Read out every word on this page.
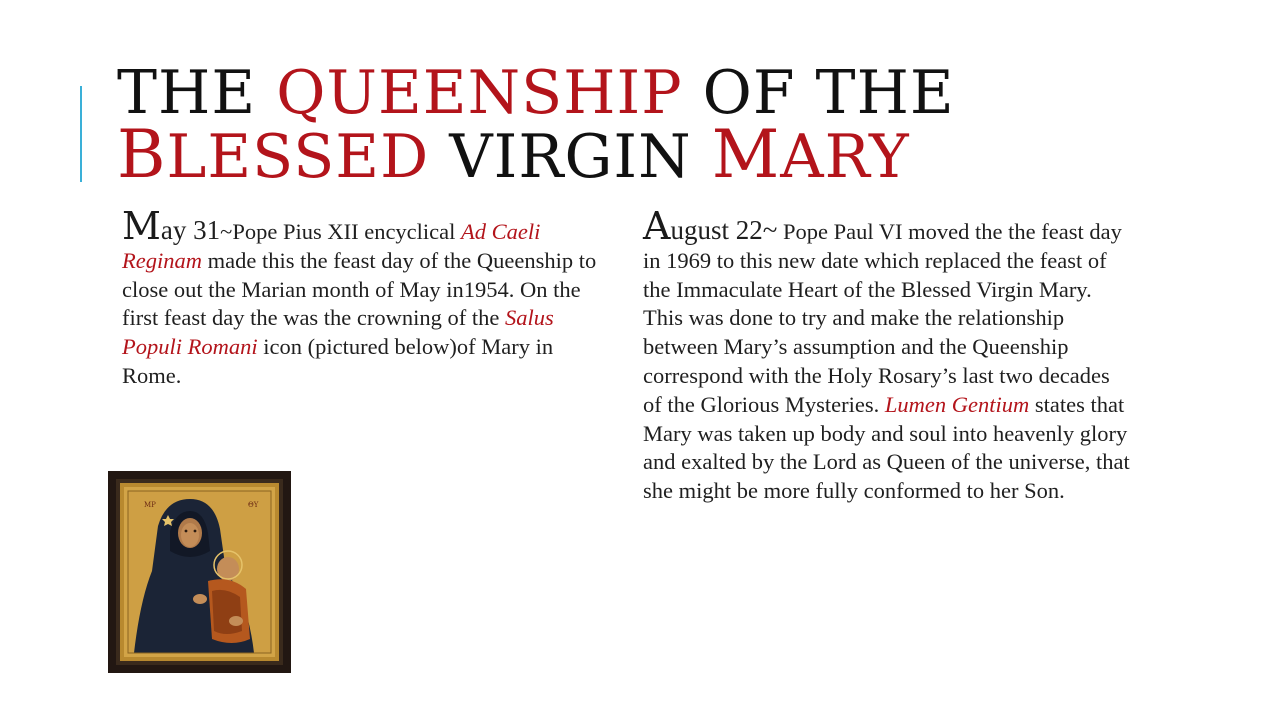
THE QUEENSHIP OF THE
BLESSED VIRGIN MARY
May 31~Pope Pius XII encyclical Ad Caeli Reginam made this the feast day of the Queenship to close out the Marian month of May in1954. On the first feast day the was the crowning of the Salus Populi Romani icon (pictured below)of Mary in Rome.
August 22~ Pope Paul VI moved the the feast day in 1969 to this new date which replaced the feast of the Immaculate Heart of the Blessed Virgin Mary. This was done to try and make the relationship between Mary’s assumption and the Queenship correspond with the Holy Rosary’s last two decades of the Glorious Mysteries. Lumen Gentium states that Mary was taken up body and soul into heavenly glory and exalted by the Lord as Queen of the universe, that she might be more fully conformed to her Son.
MP	ΘY
